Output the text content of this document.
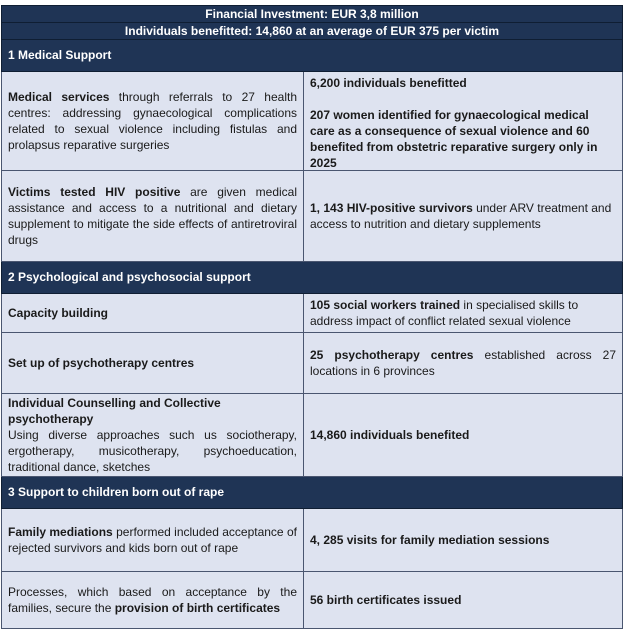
Financial Investment: EUR 3,8 million
Individuals benefitted: 14,860 at an average of EUR 375 per victim
1 Medical Support
Medical services through referrals to 27 health centres: addressing gynaecological complications related to sexual violence including fistulas and prolapsus reparative surgeries
6,200 individuals benefitted
207 women identified for gynaecological medical care as a consequence of sexual violence and 60 benefited from obstetric reparative surgery only in 2025
Victims tested HIV positive are given medical assistance and access to a nutritional and dietary supplement to mitigate the side effects of antiretroviral drugs
1, 143 HIV-positive survivors under ARV treatment and access to nutrition and dietary supplements
2 Psychological and psychosocial support
Capacity building
105 social workers trained in specialised skills to address impact of conflict related sexual violence
Set up of psychotherapy centres
25 psychotherapy centres established across 27 locations in 6 provinces
Individual Counselling and Collective psychotherapy
Using diverse approaches such us sociotherapy, ergotherapy, musicotherapy, psychoeducation, traditional dance, sketches
14,860 individuals benefited
3 Support to children born out of rape
Family mediations performed included acceptance of rejected survivors and kids born out of rape
4, 285 visits for family mediation sessions
Processes, which based on acceptance by the families, secure the provision of birth certificates
56 birth certificates issued
